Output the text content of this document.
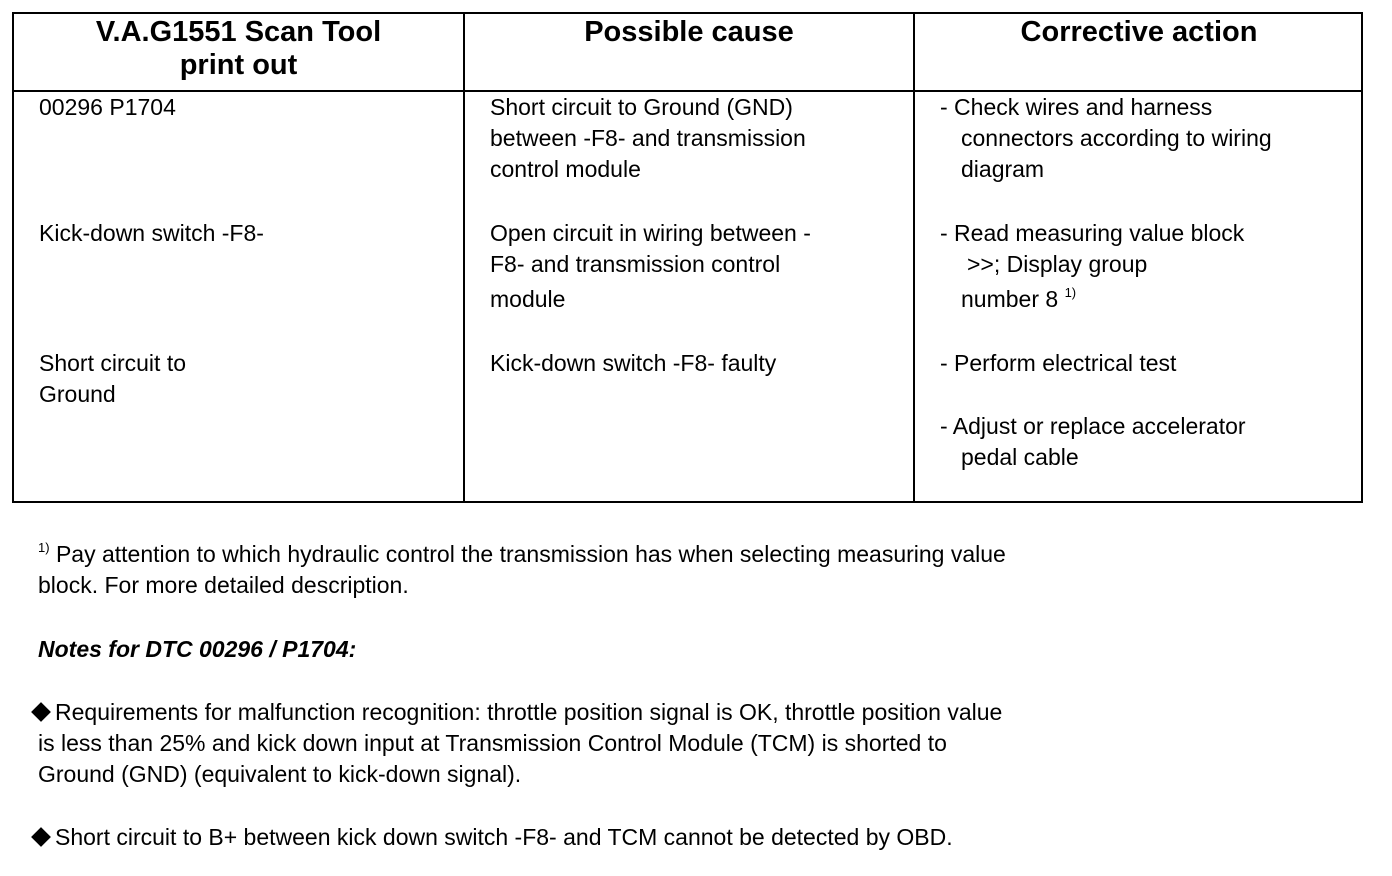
V.A.G1551 Scan Tool
print out
Possible cause	Corrective action
00296 P1704
Kick-down switch -F8-
Short circuit to
Ground
Short circuit to Ground (GND)
between -F8- and transmission
control module
Open circuit in wiring between -
F8- and transmission control
module
Kick-down switch -F8- faulty
- Check wires and harness
connectors according to wiring
diagram
- Read measuring value block
>>; Display group
number 8 $^{1)}$
- Perform electrical test
- Adjust or replace accelerator
pedal cable
$^{1)}$ Pay attention to which hydraulic control the transmission has when selecting measuring value
block. For more detailed description.
Notes for DTC 00296 / P1704:
Requirements for malfunction recognition: throttle position signal is OK, throttle position value
is less than 25% and kick down input at Transmission Control Module (TCM) is shorted to
Ground (GND) (equivalent to kick-down signal).
Short circuit to B+ between kick down switch -F8- and TCM cannot be detected by OBD.
